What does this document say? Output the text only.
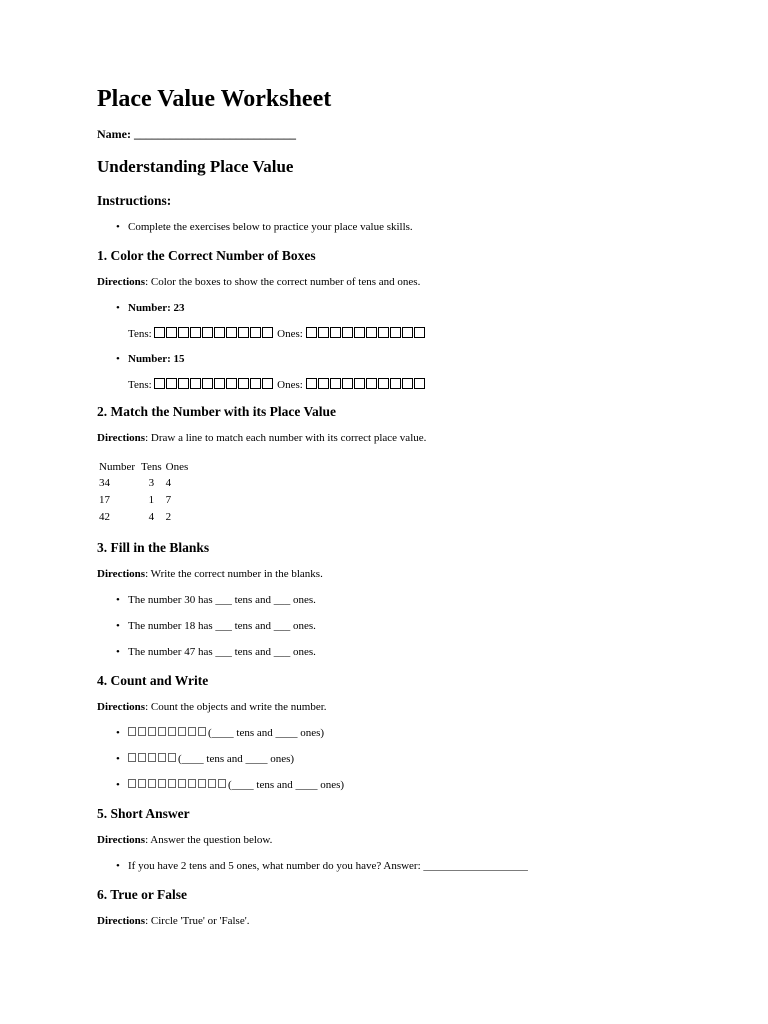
Place Value Worksheet
Name: ___________________________
Understanding Place Value
Instructions:
• Complete the exercises below to practice your place value skills.
1. Color the Correct Number of Boxes

Directions: Color the boxes to show the correct number of tens and ones.

• Number: 23
Tens:	Ones:
• Number: 15
Tens:	Ones:
2. Match the Number with its Place Value

Directions: Draw a line to match each number with its correct place value.

Number	Tens	Ones
34	3	4
17	1	7
42	4	2
3. Fill in the Blanks

Directions: Write the correct number in the blanks.

• The number 30 has ___ tens and ___ ones.
• The number 18 has ___ tens and ___ ones.
• The number 47 has ___ tens and ___ ones.
4. Count and Write

Directions: Count the objects and write the number.

• (____ tens and ____ ones)
• (____ tens and ____ ones)
• (____ tens and ____ ones)
5. Short Answer

Directions: Answer the question below.

• If you have 2 tens and 5 ones, what number do you have? Answer: ___________________
6. True or False

Directions: Circle 'True' or 'False'.
